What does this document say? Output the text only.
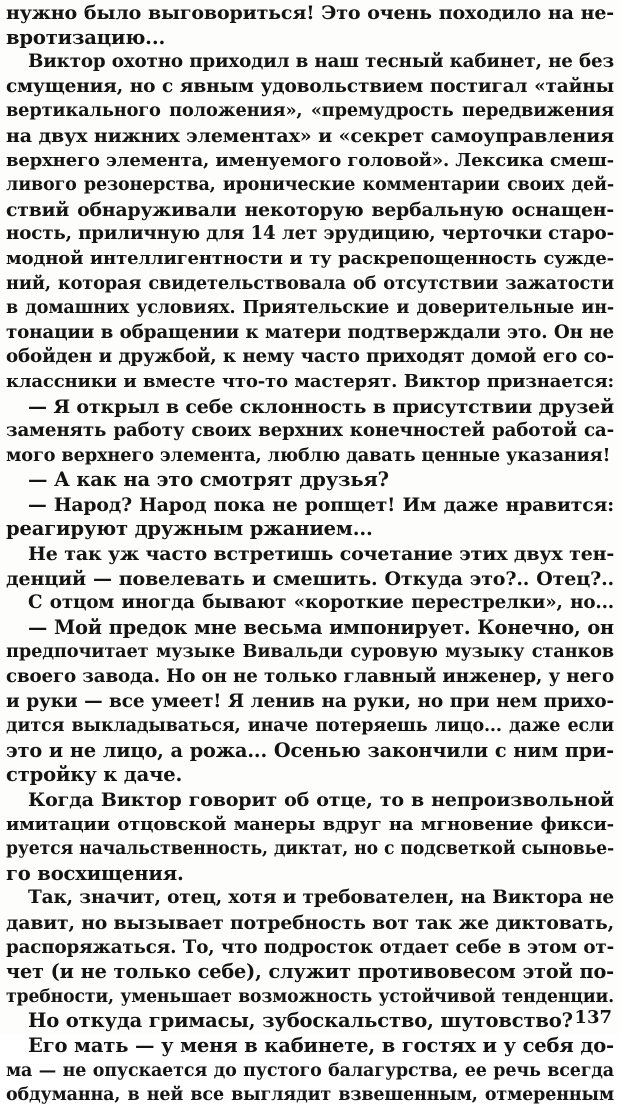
нужно было выговориться! Это очень походило на не-
вротизацию...
Виктор охотно приходил в наш тесный кабинет, не без
смущения, но с явным удовольствием постигал «тайны
вертикального положения», «премудрость передвижения
на двух нижних элементах» и «секрет самоуправления
верхнего элемента, именуемого головой». Лексика смеш-
ливого резонерства, иронические комментарии своих дей-
ствий обнаруживали некоторую вербальную оснащен-
ность, приличную для 14 лет эрудицию, черточки старо-
модной интеллигентности и ту раскрепощенность сужде-
ний, которая свидетельствовала об отсутствии зажатости
в домашних условиях. Приятельские и доверительные ин-
тонации в обращении к матери подтверждали это. Он не
обойден и дружбой, к нему часто приходят домой его со-
классники и вместе что-то мастерят. Виктор признается:
— Я открыл в себе склонность в присутствии друзей
заменять работу своих верхних конечностей работой са-
мого верхнего элемента, люблю давать ценные указания!
— А как на это смотрят друзья?
— Народ? Народ пока не ропщет! Им даже нравится:
реагируют дружным ржанием...
Не так уж часто встретишь сочетание этих двух тен-
денций — повелевать и смешить. Откуда это?.. Отец?..
С отцом иногда бывают «короткие перестрелки», но...
— Мой предок мне весьма импонирует. Конечно, он
предпочитает музыке Вивальди суровую музыку станков
своего завода. Но он не только главный инженер, у него
и руки — все умеет! Я ленив на руки, но при нем прихо-
дится выкладываться, иначе потеряешь лицо... даже если
это и не лицо, а рожа... Осенью закончили с ним при-
стройку к даче.
Когда Виктор говорит об отце, то в непроизвольной
имитации отцовской манеры вдруг на мгновение фикси-
руется начальственность, диктат, но с подсветкой сыновье-
го восхищения.
Так, значит, отец, хотя и требователен, на Виктора не
давит, но вызывает потребность вот так же диктовать,
распоряжаться. То, что подросток отдает себе в этом от-
чет (и не только себе), служит противовесом этой по-
требности, уменьшает возможность устойчивой тенденции.
Но откуда гримасы, зубоскальство, шутовство?
Его мать — у меня в кабинете, в гостях и у себя до-
ма — не опускается до пустого балагурства, ее речь всегда
обдуманна, в ней все выглядит взвешенным, отмеренным
137
